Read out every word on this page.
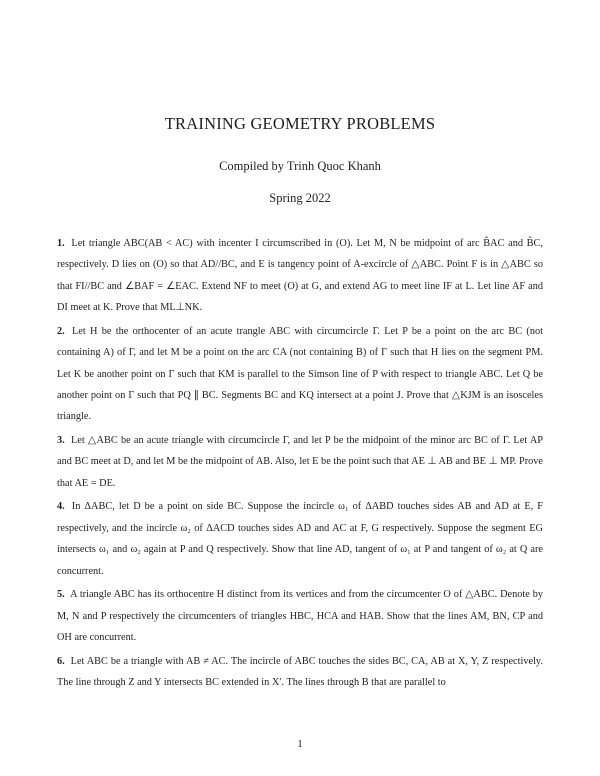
TRAINING GEOMETRY PROBLEMS
Compiled by Trinh Quoc Khanh
Spring 2022

1. Let triangle ABC(AB < AC) with incenter I circumscribed in (O). Let M, N be midpoint of arc B̂AC and B̂C, respectively. D lies on (O) so that AD//BC, and E is tangency point of A-excircle of △ABC. Point F is in △ABC so that FI//BC and ∠BAF = ∠EAC. Extend NF to meet (O) at G, and extend AG to meet line IF at L. Let line AF and DI meet at K. Prove that ML⊥NK.

2. Let H be the orthocenter of an acute trangle ABC with circumcircle Γ. Let P be a point on the arc BC (not containing A) of Γ, and let M be a point on the arc CA (not containing B) of Γ such that H lies on the segment PM. Let K be another point on Γ such that KM is parallel to the Simson line of P with respect to triangle ABC. Let Q be another point on Γ such that PQ ∥ BC. Segments BC and KQ intersect at a point J. Prove that △KJM is an isosceles triangle.

3. Let △ABC be an acute triangle with circumcircle Γ, and let P be the midpoint of the minor arc BC of Γ. Let AP and BC meet at D, and let M be the midpoint of AB. Also, let E be the point such that AE ⊥ AB and BE ⊥ MP. Prove that AE = DE.

4. In ΔABC, let D be a point on side BC. Suppose the incircle ω₁ of ΔABD touches sides AB and AD at E, F respectively, and the incircle ω₂ of ΔACD touches sides AD and AC at F, G respectively. Suppose the segment EG intersects ω₁ and ω₂ again at P and Q respectively. Show that line AD, tangent of ω₁ at P and tangent of ω₂ at Q are concurrent.

5. A triangle ABC has its orthocentre H distinct from its vertices and from the circumcenter O of △ABC. Denote by M, N and P respectively the circumcenters of triangles HBC, HCA and HAB. Show that the lines AM, BN, CP and OH are concurrent.

6. Let ABC be a triangle with AB ≠ AC. The incircle of ABC touches the sides BC, CA, AB at X, Y, Z respectively. The line through Z and Y intersects BC extended in X′. The lines through B that are parallel to

1
